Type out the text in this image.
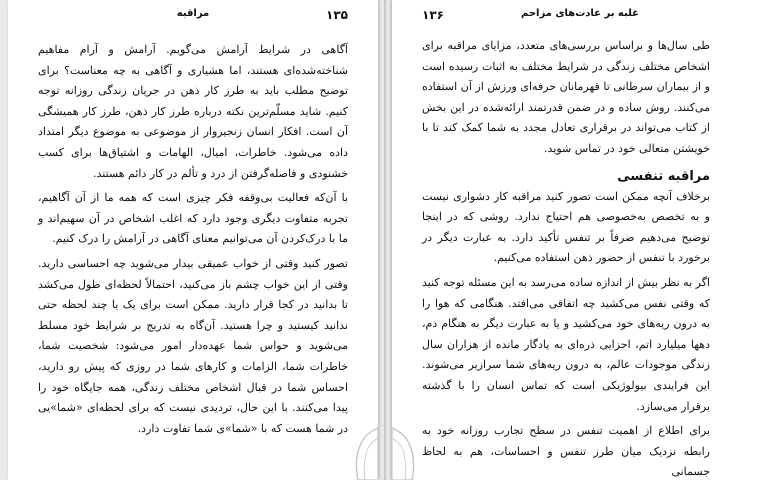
۱۳۵
مراقبه

آگاهی در شرایط آرامش می‌گویم. آرامش و آرام مفاهیم شناخته‌شده‌ای هستند، اما هشیاری و آگاهی به چه معناست؟ برای توضیح مطلب باید به طرز کار ذهن در جریان زندگی روزانه توجه کنیم. شاید مسلّم‌ترین نکته درباره طرز کار ذهن، طرز کار همیشگی آن است. افکار انسان زنجیروار از موضوعی به موضوع دیگر امتداد داده می‌شود. خاطرات، امیال، الهامات و اشتیاق‌ها برای کسب خشنودی و فاصله‌گرفتن از درد و تألم در کار دائم هستند.

با آن‌که فعالیت بی‌وقفه فکر چیزی است که همه ما از آن آگاهیم، تجربه متفاوت دیگری وجود دارد که اغلب اشخاص در آن سهیم‌اند و ما با درک‌کردن آن می‌توانیم معنای آگاهی در آرامش را درک کنیم.

تصور کنید وقتی از خواب عمیقی بیدار می‌شوید چه احساسی دارید. وقتی از این خواب چشم باز می‌کنید، احتمالاً لحظه‌ای طول می‌کشد تا بدانید در کجا قرار دارید. ممکن است برای یک یا چند لحظه حتی ندانید کیستید و چرا هستید. آن‌گاه به تدریج بر شرایط خود مسلط می‌شوید و حواس شما عهده‌دار امور می‌شود: شخصیت شما، خاطرات شما، الزامات و کارهای شما در روزی که پیش رو دارید، احساس شما در قبال اشخاص مختلف زندگی، همه جایگاه خود را پیدا می‌کنند. با این حال، تردیدی نیست که برای لحظه‌ای «شما»یی در شما هست که با «شما»ی شما تفاوت دارد.

۱۳۶	غلبه بر عادت‌های مزاحم

طی سال‌ها و براساس بررسی‌های متعدد، مزایای مراقبه برای اشخاص مختلف زندگی در شرایط مختلف به اثبات رسیده است و از بیماران سرطانی تا قهرمانان حرفه‌ای ورزش از آن استفاده می‌کنند. روش ساده و در ضمن قدرتمند ارائه‌شده در این بخش از کتاب می‌تواند در برقراری تعادل مجدد به شما کمک کند تا با خویشتن متعالی خود در تماس شوید.

مراقبه تنفسی

برخلاف آنچه ممکن است تصور کنید مراقبه کار دشواری نیست و به تخصص به‌خصوصی هم احتیاج ندارد. روشی که در اینجا توضیح می‌دهیم صرفاً بر تنفس تأکید دارد. به عبارت دیگر در برخورد با تنفس از حضور ذهن استفاده می‌کنیم.

اگر به نظر بیش از اندازه ساده می‌رسد به این مسئله توجه کنید که وقتی نفس می‌کشید چه اتفاقی می‌افتد. هنگامی که هوا را به درون ریه‌های خود می‌کشید و یا به عبارت دیگر به هنگام دم، دهها میلیارد اتم، اجزایی ذره‌ای به یادگار مانده از هزاران سال زندگی موجودات عالم، به درون ریه‌های شما سرازیر می‌شوند. این فرایندی بیولوژیکی است که تماس انسان را با گذشته برقرار می‌سازد.

برای اطلاع از اهمیت تنفس در سطح تجارب روزانه خود به رابطه نزدیک میان طرز تنفس و احساسات، هم به لحاظ جسمانی
